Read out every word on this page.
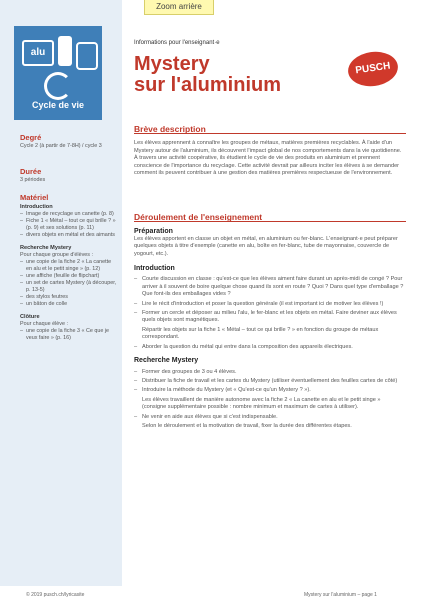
Zoom arrière
alu
Cycle de vie
Degré
Cycle 2 (à partir de 7-8H) / cycle 3
Durée
3 périodes
Matériel
Introduction
– Image de recyclage un canette (p. 8)
– Fiche 1 « Métal – tout ce qui brille ? » (p. 9) et ses solutions (p. 11)
– divers objets en métal et des aimants
Recherche Mystery
Pour chaque groupe d'élèves :
– une copie de la fiche 2 « La canette en alu et le petit singe » (p. 12)
– une affiche (feuille de flipchart)
– un set de cartes Mystery (à découper, p. 13-5)
– des stylos feutres
– un bâton de colle
Clôture
Pour chaque élève :
– une copie de la fiche 3 « Ce que je veux faire » (p. 16)
Informations pour l'enseignant·e
Mystery
sur l'aluminium
PUSCH
Brève description
Les élèves apprennent à connaître les groupes de métaux, matières premières recyclables. À l'aide d'un Mystery autour de l'aluminium, ils découvrent l'impact global de nos comportements dans la vie quotidienne. À travers une activité coopérative, ils étudient le cycle de vie des produits en aluminium et prennent conscience de l'importance du recyclage. Cette activité devrait par ailleurs inciter les élèves à se demander comment ils peuvent contribuer à une gestion des matières premières respectueuse de l'environnement.
Déroulement de l'enseignement
Préparation
Les élèves apportent en classe un objet en métal, en aluminium ou fer-blanc. L'enseignant·e peut préparer quelques objets à titre d'exemple (canette en alu, boîte en fer-blanc, tube de mayonnaise, couvercle de yogourt, etc.).
Introduction
– Courte discussion en classe : qu'est-ce que les élèves aiment faire durant un après-midi de congé ? Pour arriver à il souvent de boire quelque chose quand ils sont en route ? Quoi ? Dans quel type d'emballage ? Que font-ils des emballages vides ?
– Lire le récit d'introduction et poser la question générale (il est important ici de motiver les élèves !)
– Former un cercle et déposer au milieu l'alu, le fer-blanc et les objets en métal. Faire deviner aux élèves quels objets sont magnétiques.
Répartir les objets sur la fiche 1 « Métal – tout ce qui brille ? » en fonction du groupe de métaux correspondant.
– Aborder la question du métal qui entre dans la composition des appareils électriques.
Recherche Mystery
– Former des groupes de 3 ou 4 élèves.
– Distribuer la fiche de travail et les cartes du Mystery (utiliser éventuellement des feuilles cartes de côté)
– Introduire la méthode du Mystery (et « Qu'est-ce qu'un Mystery ? »).
Les élèves travaillent de manière autonome avec la fiche 2 « La canette en alu et le petit singe » (consigne supplémentaire possible : nombre minimum et maximum de cartes à utiliser).
– Ne venir en aide aux élèves que si c'est indispensable.
Selon le déroulement et la motivation de travail, fixer la durée des différentes étapes.
© 2019 pusch.ch/lyricasite	Mystery sur l'aluminium – page 1
